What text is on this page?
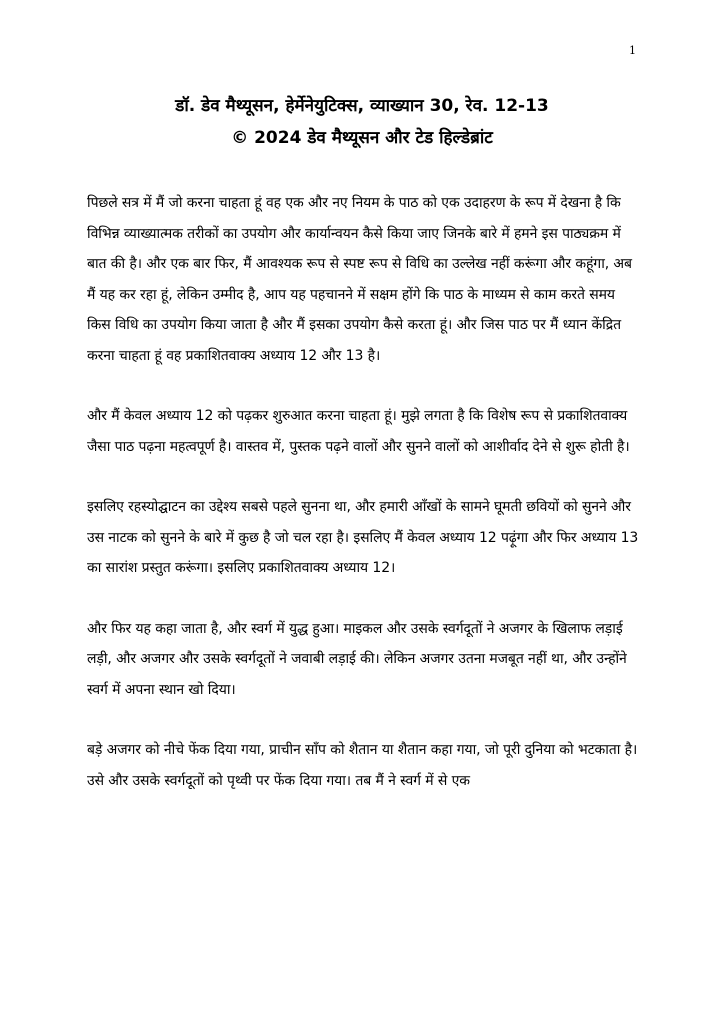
1
डॉ. डेव मैथ्यूसन, हेर्मेनेयुटिक्स, व्याख्यान 30, रेव. 12-13
© 2024 डेव मैथ्यूसन और टेड हिल्डेब्रांट

पिछले सत्र में मैं जो करना चाहता हूं वह एक और नए नियम के पाठ को एक उदाहरण के रूप में देखना है कि विभिन्न व्याख्यात्मक तरीकों का उपयोग और कार्यान्वयन कैसे किया जाए जिनके बारे में हमने इस पाठ्यक्रम में बात की है। और एक बार फिर, मैं आवश्यक रूप से स्पष्ट रूप से विधि का उल्लेख नहीं करूंगा और कहूंगा, अब मैं यह कर रहा हूं, लेकिन उम्मीद है, आप यह पहचानने में सक्षम होंगे कि पाठ के माध्यम से काम करते समय किस विधि का उपयोग किया जाता है और मैं इसका उपयोग कैसे करता हूं। और जिस पाठ पर मैं ध्यान केंद्रित करना चाहता हूं वह प्रकाशितवाक्य अध्याय 12 और 13 है।

और मैं केवल अध्याय 12 को पढ़कर शुरुआत करना चाहता हूं। मुझे लगता है कि विशेष रूप से प्रकाशितवाक्य जैसा पाठ पढ़ना महत्वपूर्ण है। वास्तव में, पुस्तक पढ़ने वालों और सुनने वालों को आशीर्वाद देने से शुरू होती है।

इसलिए रहस्योद्घाटन का उद्देश्य सबसे पहले सुनना था, और हमारी आँखों के सामने घूमती छवियों को सुनने और उस नाटक को सुनने के बारे में कुछ है जो चल रहा है। इसलिए मैं केवल अध्याय 12 पढ़ूंगा और फिर अध्याय 13 का सारांश प्रस्तुत करूंगा। इसलिए प्रकाशितवाक्य अध्याय 12।

और फिर यह कहा जाता है, और स्वर्ग में युद्ध हुआ। माइकल और उसके स्वर्गदूतों ने अजगर के खिलाफ लड़ाई लड़ी, और अजगर और उसके स्वर्गदूतों ने जवाबी लड़ाई की। लेकिन अजगर उतना मजबूत नहीं था, और उन्होंने स्वर्ग में अपना स्थान खो दिया।

बड़े अजगर को नीचे फेंक दिया गया, प्राचीन साँप को शैतान या शैतान कहा गया, जो पूरी दुनिया को भटकाता है। उसे और उसके स्वर्गदूतों को पृथ्वी पर फेंक दिया गया। तब मैं ने स्वर्ग में से एक
